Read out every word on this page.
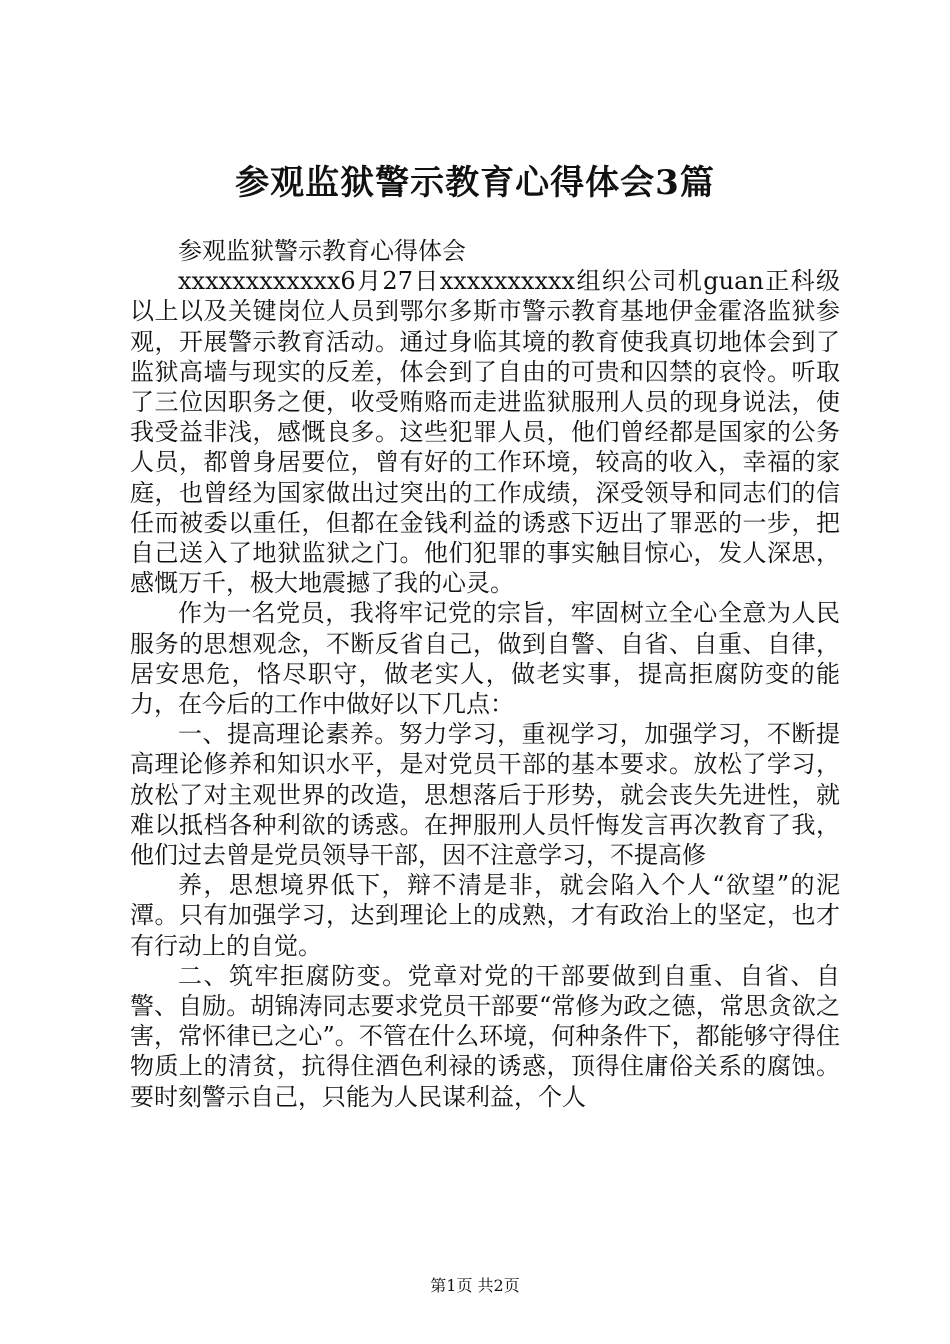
参观监狱警示教育心得体会3篇

参观监狱警示教育心得体会

xxxxxxxxxxxx6月27日xxxxxxxxxx组织公司机guan正科级以上以及关键岗位人员到鄂尔多斯市警示教育基地伊金霍洛监狱参观，开展警示教育活动。通过身临其境的教育使我真切地体会到了监狱高墙与现实的反差，体会到了自由的可贵和囚禁的哀怜。听取了三位因职务之便，收受贿赂而走进监狱服刑人员的现身说法，使我受益非浅，感慨良多。这些犯罪人员，他们曾经都是国家的公务人员，都曾身居要位，曾有好的工作环境，较高的收入，幸福的家庭，也曾经为国家做出过突出的工作成绩，深受领导和同志们的信任而被委以重任，但都在金钱利益的诱惑下迈出了罪恶的一步，把自己送入了地狱监狱之门。他们犯罪的事实触目惊心，发人深思，感慨万千，极大地震撼了我的心灵。

作为一名党员，我将牢记党的宗旨，牢固树立全心全意为人民服务的思想观念，不断反省自己，做到自警、自省、自重、自律，居安思危，恪尽职守，做老实人，做老实事，提高拒腐防变的能力，在今后的工作中做好以下几点：

一、提高理论素养。努力学习，重视学习，加强学习，不断提高理论修养和知识水平，是对党员干部的基本要求。放松了学习，放松了对主观世界的改造，思想落后于形势，就会丧失先进性，就难以抵档各种利欲的诱惑。在押服刑人员忏悔发言再次教育了我，他们过去曾是党员领导干部，因不注意学习，不提高修

养，思想境界低下，辩不清是非，就会陷入个人“欲望”的泥潭。只有加强学习，达到理论上的成熟，才有政治上的坚定，也才有行动上的自觉。

二、筑牢拒腐防变。党章对党的干部要做到自重、自省、自警、自励。胡锦涛同志要求党员干部要“常修为政之德，常思贪欲之害，常怀律已之心”。不管在什么环境，何种条件下，都能够守得住物质上的清贫，抗得住酒色利禄的诱惑，顶得住庸俗关系的腐蚀。要时刻警示自己，只能为人民谋利益，个人

第1页 共2页
